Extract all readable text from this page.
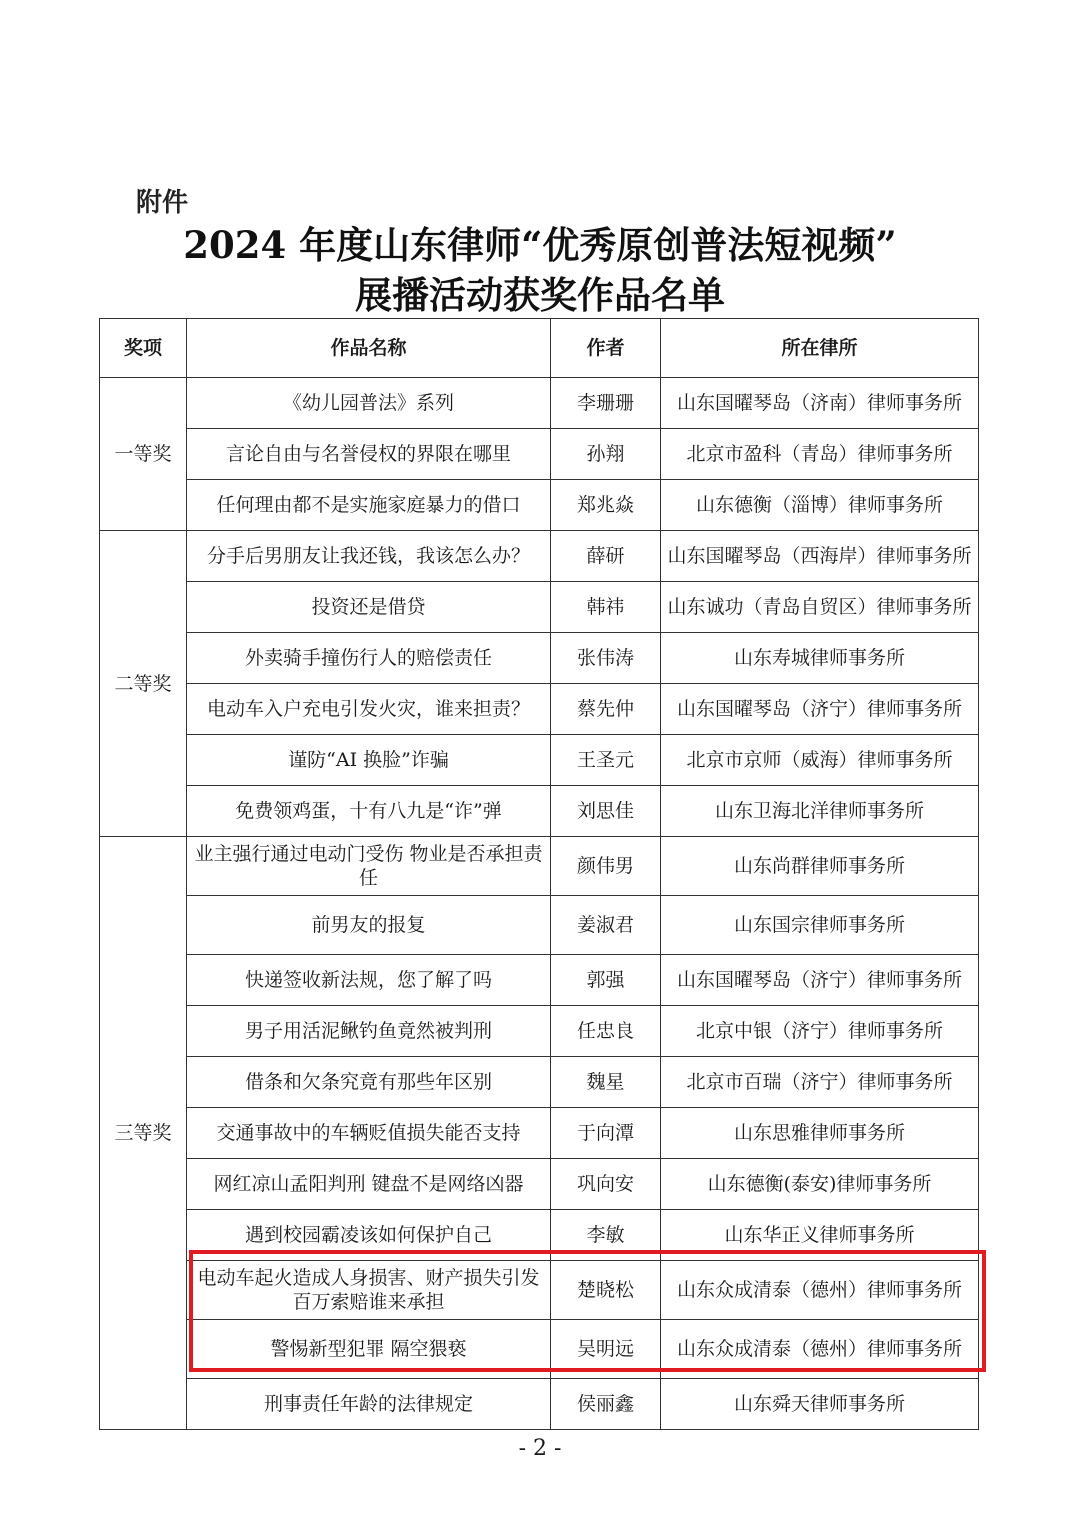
附件
2024 年度山东律师“优秀原创普法短视频”
展播活动获奖作品名单
奖项	作品名称	作者	所在律所
一等奖	《幼儿园普法》系列	李珊珊	山东国曜琴岛（济南）律师事务所
	言论自由与名誉侵权的界限在哪里	孙翔	北京市盈科（青岛）律师事务所
	任何理由都不是实施家庭暴力的借口	郑兆焱	山东德衡（淄博）律师事务所
二等奖	分手后男朋友让我还钱，我该怎么办？	薛研	山东国曜琴岛（西海岸）律师事务所
	投资还是借贷	韩祎	山东诚功（青岛自贸区）律师事务所
	外卖骑手撞伤行人的赔偿责任	张伟涛	山东寿城律师事务所
	电动车入户充电引发火灾，谁来担责？	蔡先仲	山东国曜琴岛（济宁）律师事务所
	谨防“AI 换脸”诈骗	王圣元	北京市京师（威海）律师事务所
	免费领鸡蛋，十有八九是“诈”弹	刘思佳	山东卫海北洋律师事务所
三等奖	业主强行通过电动门受伤 物业是否承担责任	颜伟男	山东尚群律师事务所
	前男友的报复	姜淑君	山东国宗律师事务所
	快递签收新法规，您了解了吗	郭强	山东国曜琴岛（济宁）律师事务所
	男子用活泥鳅钓鱼竟然被判刑	任忠良	北京中银（济宁）律师事务所
	借条和欠条究竟有那些年区别	魏星	北京市百瑞（济宁）律师事务所
	交通事故中的车辆贬值损失能否支持	于向潭	山东思雅律师事务所
	网红凉山孟阳判刑 键盘不是网络凶器	巩向安	山东德衡(泰安)律师事务所
	遇到校园霸凌该如何保护自己	李敏	山东华正义律师事务所
	电动车起火造成人身损害、财产损失引发百万索赔谁来承担	楚晓松	山东众成清泰（德州）律师事务所
	警惕新型犯罪 隔空猥亵	吴明远	山东众成清泰（德州）律师事务所
	刑事责任年龄的法律规定	侯丽鑫	山东舜天律师事务所
- 2 -
